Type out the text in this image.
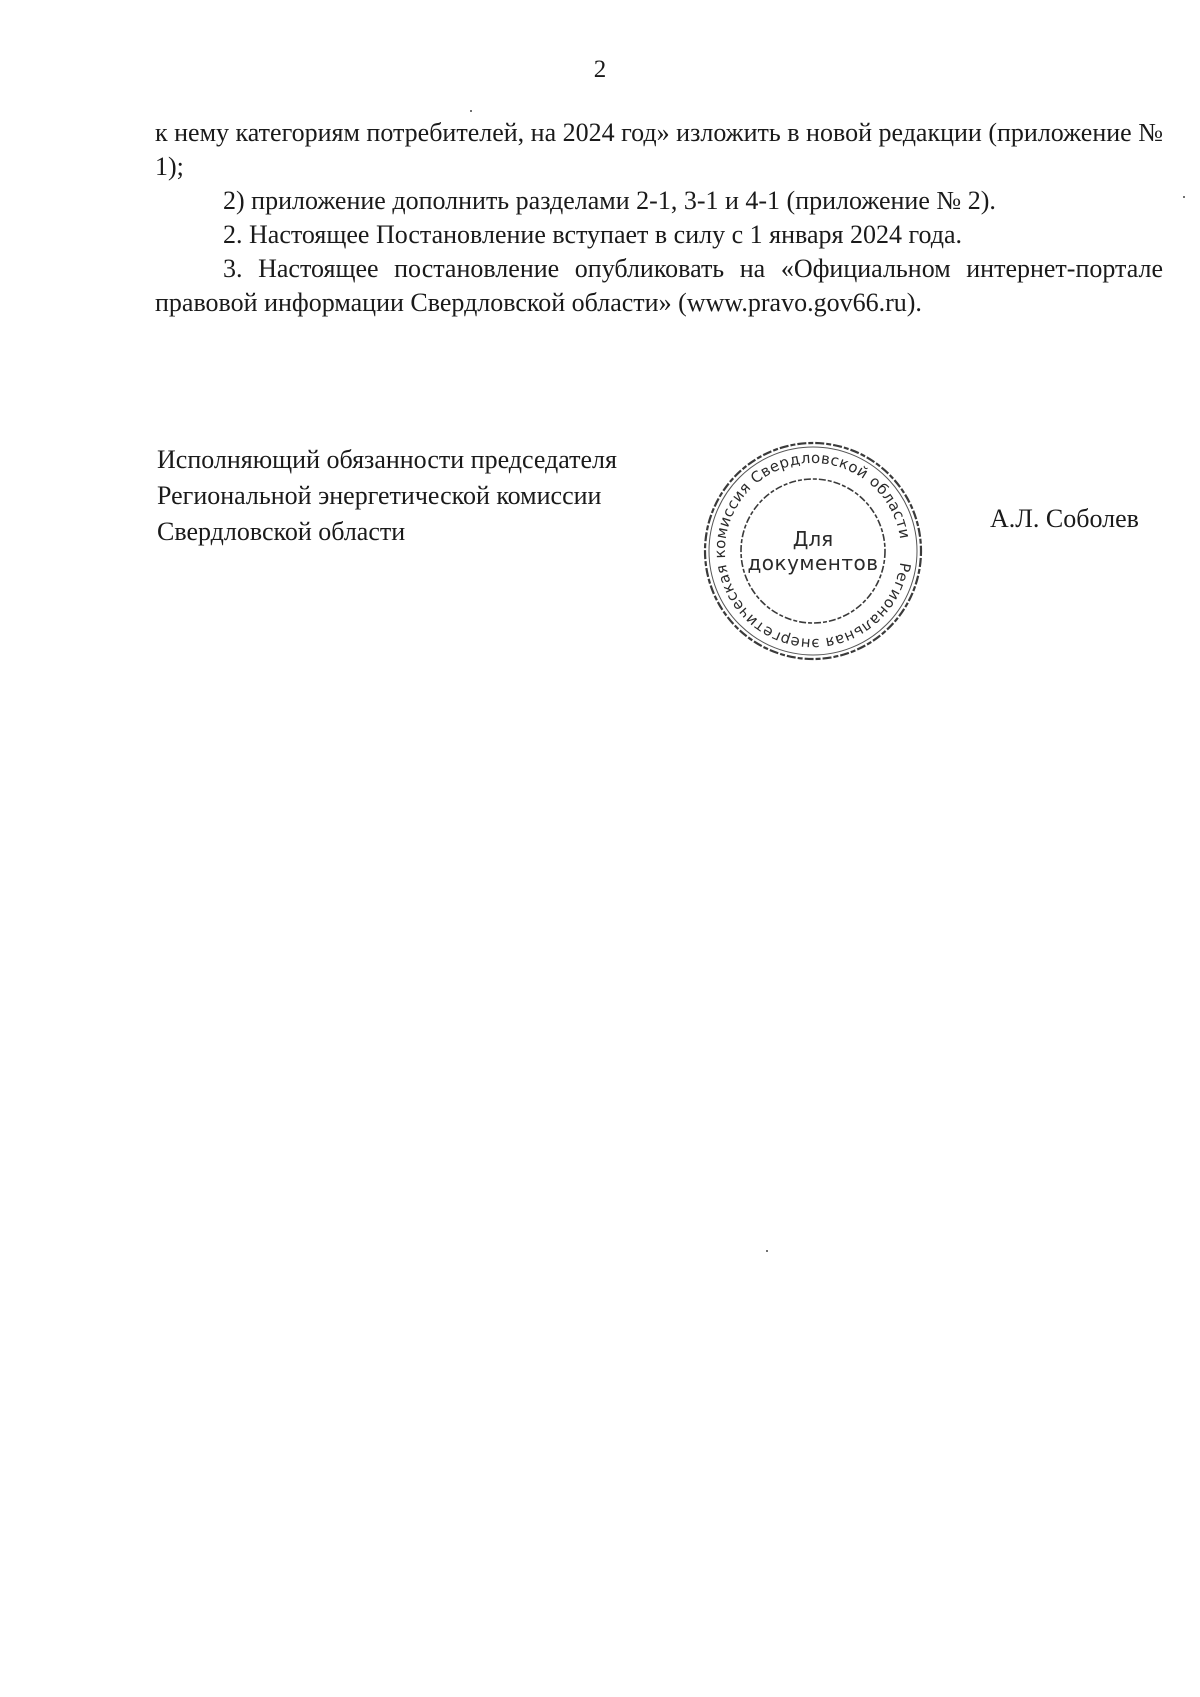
2

к нему категориям потребителей, на 2024 год» изложить в новой редакции (приложение № 1);

2) приложение дополнить разделами 2-1, 3-1 и 4-1 (приложение № 2).

2. Настоящее Постановление вступает в силу с 1 января 2024 года.

3. Настоящее постановление опубликовать на «Официальном интернет-портале правовой информации Свердловской области» (www.pravo.gov66.ru).

Исполняющий обязанности председателя
Региональной энергетической комиссии
Свердловской области
Региональная энергетическая комиссия Свердловской области
Для
документов
А.Л. Соболев
